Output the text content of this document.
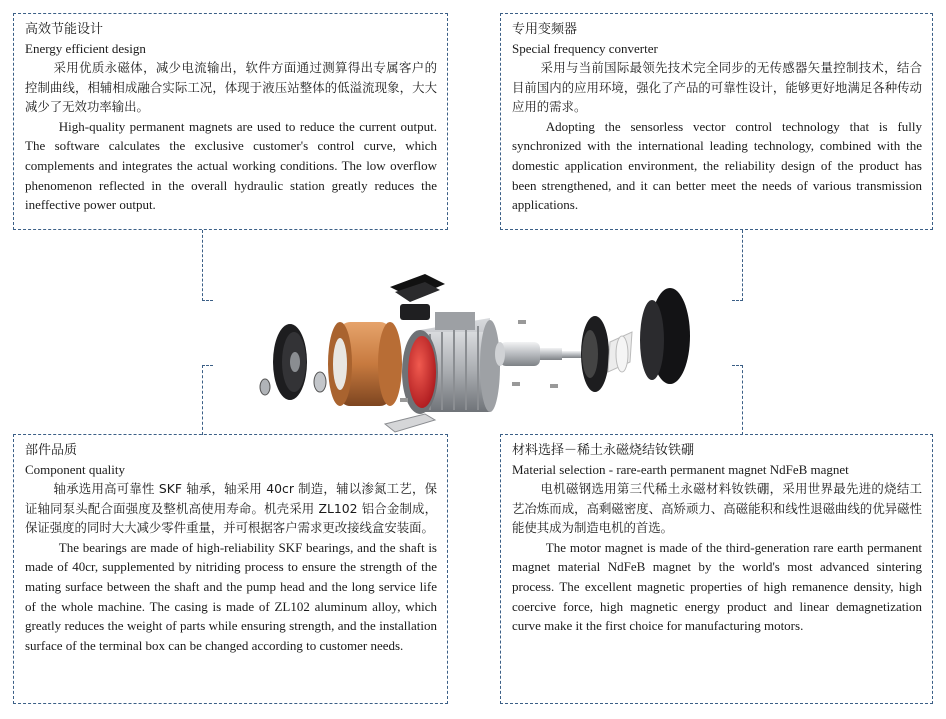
高效节能设计
Energy efficient design

采用优质永磁体，减少电流输出，软件方面通过测算得出专属客户的控制曲线，相辅相成融合实际工况，体现于液压站整体的低溢流现象，大大减少了无效功率输出。

High-quality permanent magnets are used to reduce the current output. The software calculates the exclusive customer's control curve, which complements and integrates the actual working conditions. The low overflow phenomenon reflected in the overall hydraulic station greatly reduces the ineffective power output.

专用变频器
Special frequency converter

采用与当前国际最领先技术完全同步的无传感器矢量控制技术，结合目前国内的应用环境，强化了产品的可靠性设计，能够更好地满足各种传动应用的需求。

Adopting the sensorless vector control technology that is fully synchronized with the international leading technology, combined with the domestic application environment, the reliability design of the product has been strengthened, and it can better meet the needs of various transmission applications.

部件品质
Component quality

轴承选用高可靠性 SKF 轴承，轴采用 40cr 制造，辅以渗氮工艺，保证轴同泵头配合面强度及整机高使用寿命。机壳采用 ZL102 铝合金制成，保证强度的同时大大减少零件重量，并可根据客户需求更改接线盒安装面。

The bearings are made of high-reliability SKF bearings, and the shaft is made of 40cr, supplemented by nitriding process to ensure the strength of the mating surface between the shaft and the pump head and the long service life of the whole machine. The casing is made of ZL102 aluminum alloy, which greatly reduces the weight of parts while ensuring strength, and the installation surface of the terminal box can be changed according to customer needs.

材料选择－稀土永磁烧结钕铁硼
Material selection - rare-earth permanent magnet NdFeB magnet

电机磁钢选用第三代稀土永磁材料钕铁硼，采用世界最先进的烧结工艺冶炼而成，高剩磁密度、高矫顽力、高磁能积和线性退磁曲线的优异磁性能使其成为制造电机的首选。

The motor magnet is made of the third-generation rare earth permanent magnet material NdFeB magnet by the world's most advanced sintering process. The excellent magnetic properties of high remanence density, high coercive force, high magnetic energy product and linear demagnetization curve make it the first choice for manufacturing motors.
